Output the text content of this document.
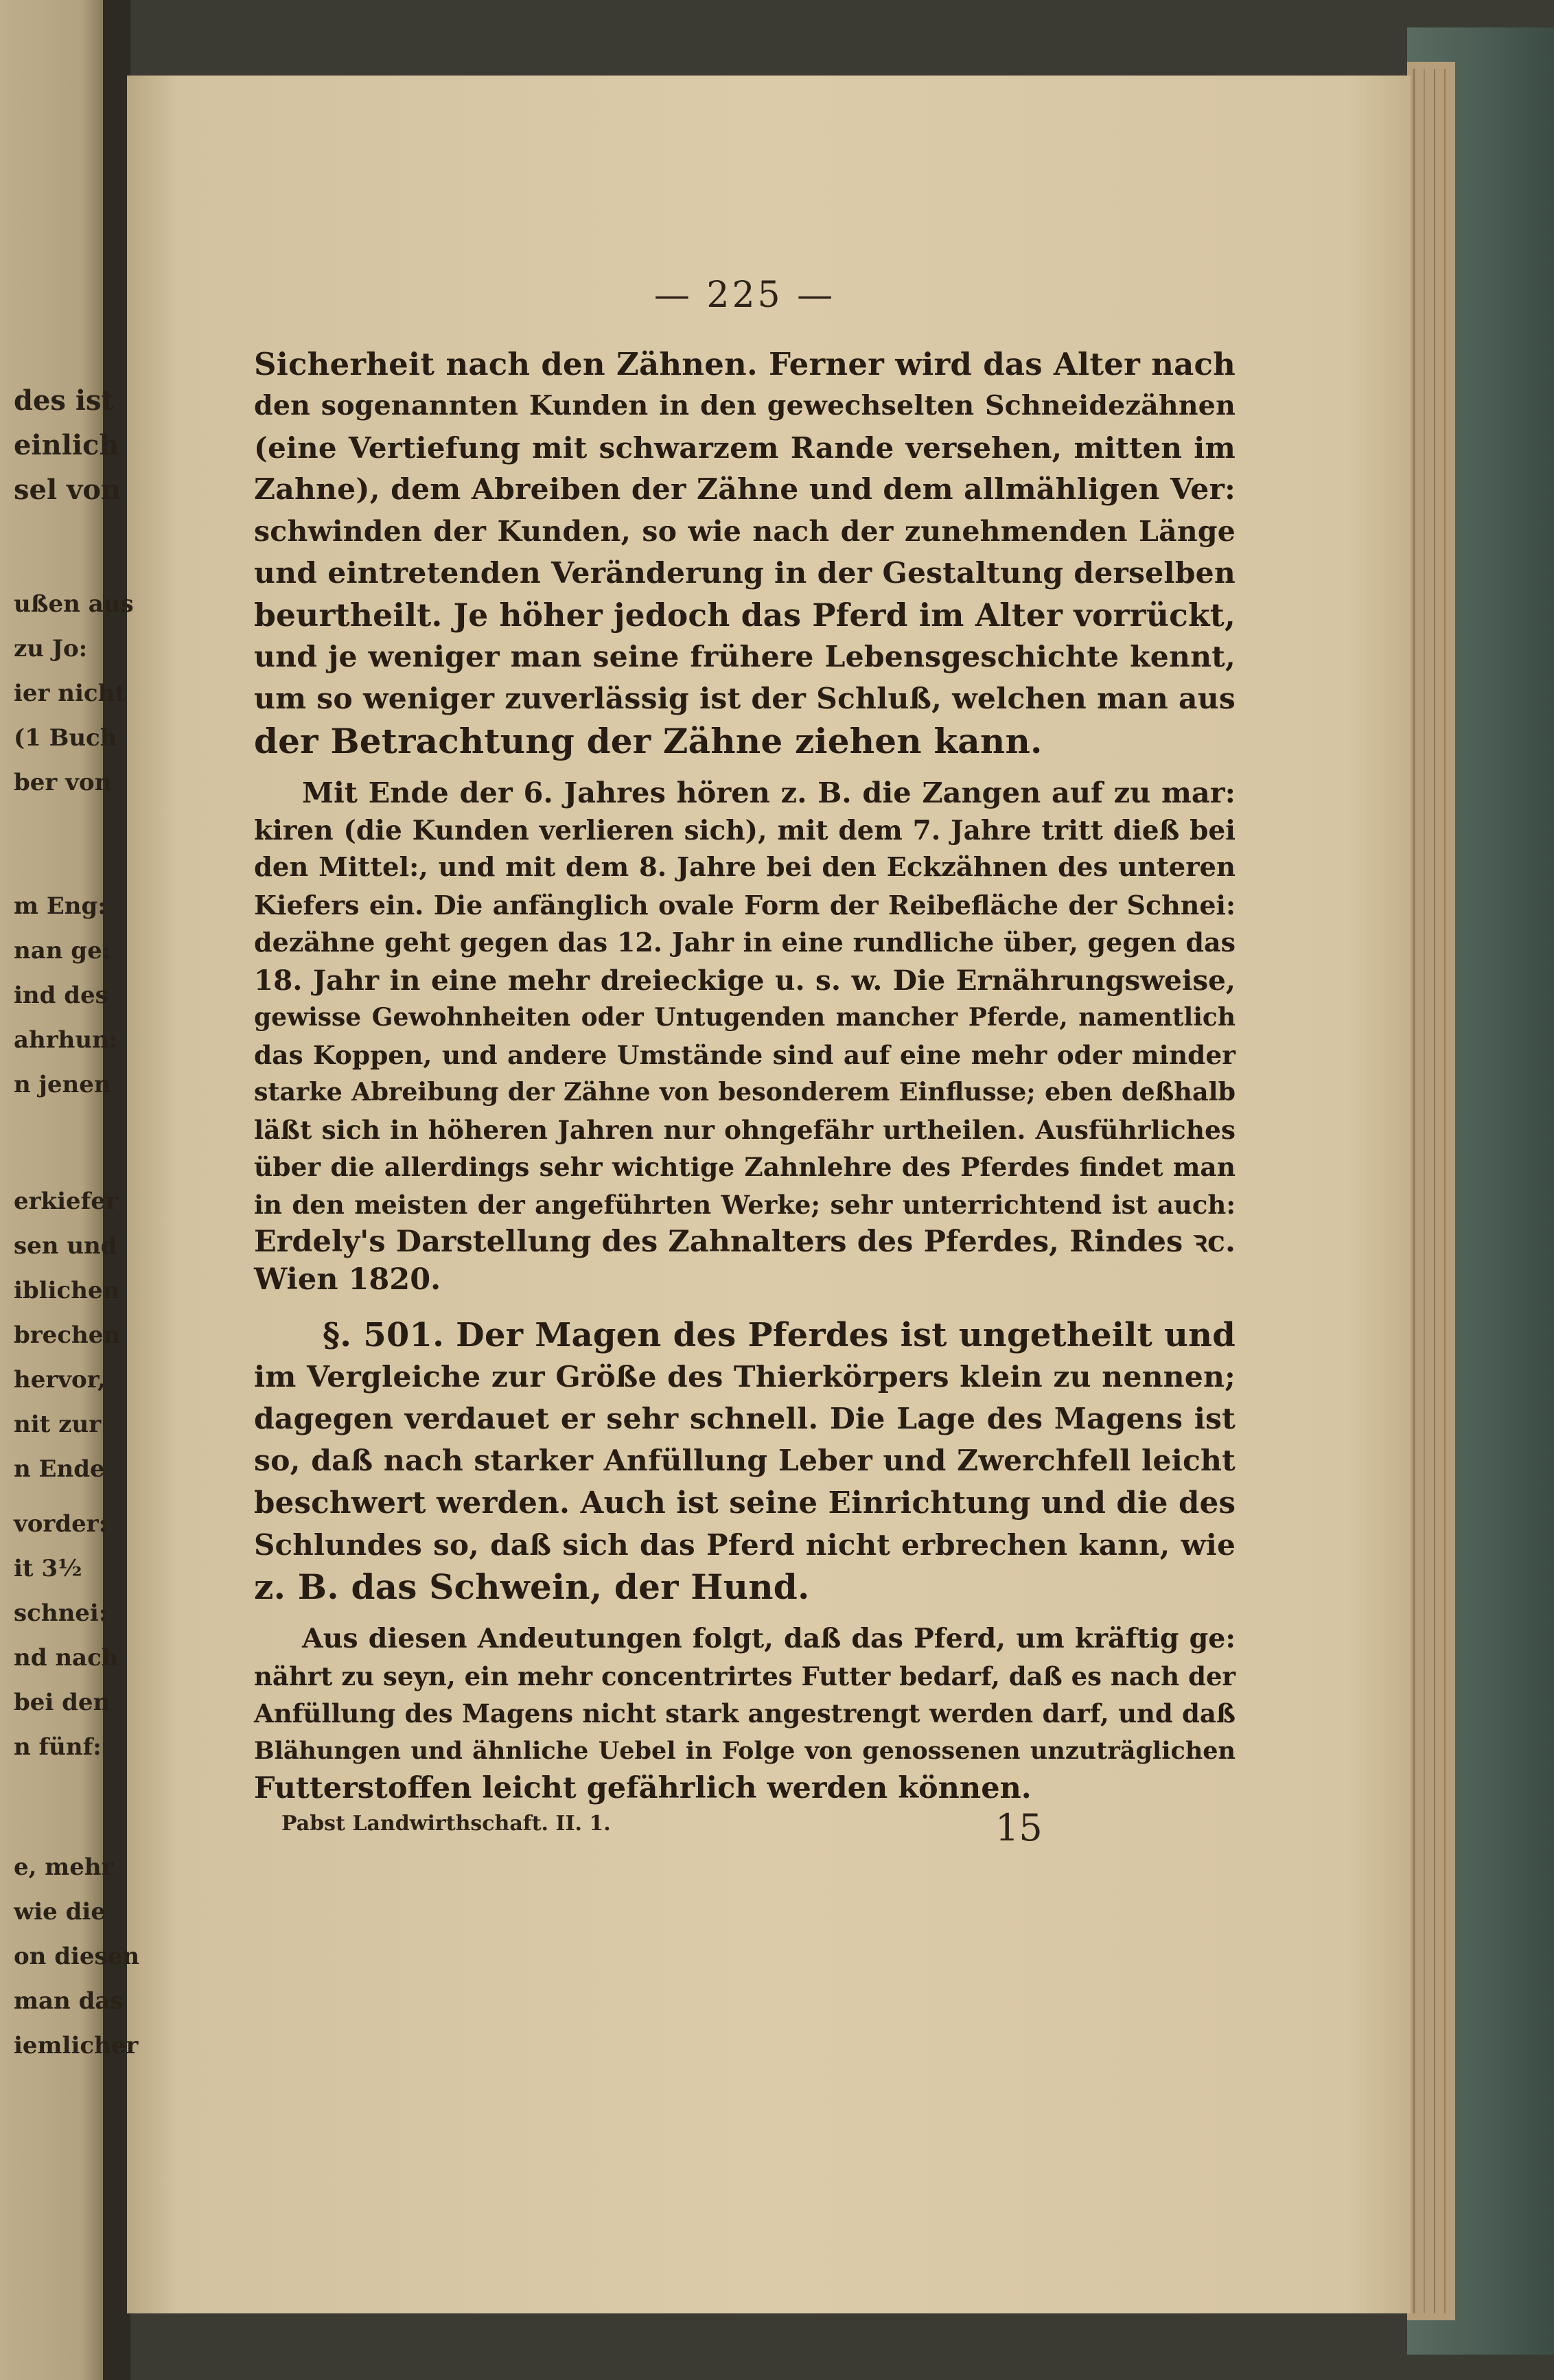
des ist
einlich
sel von
ußen aus
zu Jo:
ier nicht
(1 Buch
ber von
m Eng:
nan ge:
ind des
ahrhun:
n jenen
erkiefer
sen und
iblichen
brechen
hervor,
nit zur
n Ende
vorder:
it 3½
schnei:
nd nach
bei den
n fünf:
e, mehr
wie die
on diesen
man das
iemlicher
— 225 —

Sicherheit nach den Zähnen. Ferner wird das Alter nach

den sogenannten Kunden in den gewechselten Schneidezähnen

(eine Vertiefung mit schwarzem Rande versehen, mitten im

Zahne), dem Abreiben der Zähne und dem allmähligen Ver:

schwinden der Kunden, so wie nach der zunehmenden Länge

und eintretenden Veränderung in der Gestaltung derselben

beurtheilt. Je höher jedoch das Pferd im Alter vorrückt,

und je weniger man seine frühere Lebensgeschichte kennt,

um so weniger zuverlässig ist der Schluß, welchen man aus

der Betrachtung der Zähne ziehen kann.

Mit Ende der 6. Jahres hören z. B. die Zangen auf zu mar:

kiren (die Kunden verlieren sich), mit dem 7. Jahre tritt dieß bei

den Mittel:, und mit dem 8. Jahre bei den Eckzähnen des unteren

Kiefers ein. Die anfänglich ovale Form der Reibefläche der Schnei:

dezähne geht gegen das 12. Jahr in eine rundliche über, gegen das

18. Jahr in eine mehr dreieckige u. s. w. Die Ernährungsweise,

gewisse Gewohnheiten oder Untugenden mancher Pferde, namentlich

das Koppen, und andere Umstände sind auf eine mehr oder minder

starke Abreibung der Zähne von besonderem Einflusse; eben deßhalb

läßt sich in höheren Jahren nur ohngefähr urtheilen. Ausführliches

über die allerdings sehr wichtige Zahnlehre des Pferdes findet man

in den meisten der angeführten Werke; sehr unterrichtend ist auch:

Erdely's Darstellung des Zahnalters des Pferdes, Rindes ꝛc.

Wien 1820.

§. 501. Der Magen des Pferdes ist ungetheilt und

im Vergleiche zur Größe des Thierkörpers klein zu nennen;

dagegen verdauet er sehr schnell. Die Lage des Magens ist

so, daß nach starker Anfüllung Leber und Zwerchfell leicht

beschwert werden. Auch ist seine Einrichtung und die des

Schlundes so, daß sich das Pferd nicht erbrechen kann, wie

z. B. das Schwein, der Hund.

Aus diesen Andeutungen folgt, daß das Pferd, um kräftig ge:

nährt zu seyn, ein mehr concentrirtes Futter bedarf, daß es nach der

Anfüllung des Magens nicht stark angestrengt werden darf, und daß

Blähungen und ähnliche Uebel in Folge von genossenen unzuträglichen

Futterstoffen leicht gefährlich werden können.

Pabst Landwirthschaft. II. 1.	15
